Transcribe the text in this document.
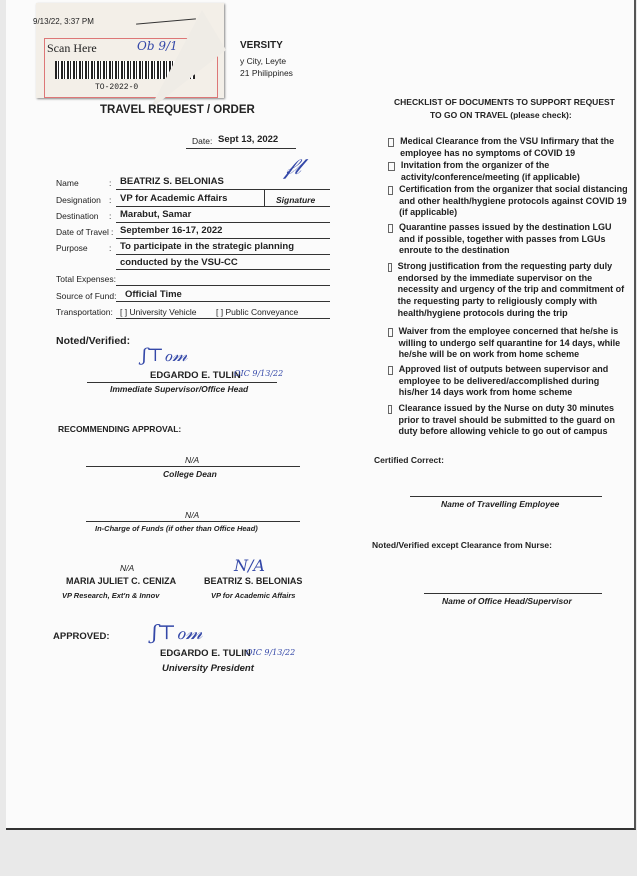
9/13/22, 3:37 PM
Scan Here	Ob 9/1
TO-2022-0
VERSITY
y City, Leyte
21 Philippines
TRAVEL REQUEST / ORDER
Date: Sept 13, 2022
𝒻𝓁
Name	: BEATRIZ S. BELONIAS
Designation : VP for Academic Affairs	Signature
Destination : Marabut, Samar
Date of Travel : September 16-17, 2022
Purpose	: To participate in the strategic planning
conducted by the VSU-CC
Total Expenses:
Source of Fund: Official Time
Transportation: [ ] University Vehicle [ ] Public Conveyance
Noted/Verified:
ʃ⊤ℴ𝓂
EDGARDO E. TULIN
OIC 9/13/22
Immediate Supervisor/Office Head
RECOMMENDING APPROVAL:
N/A
College Dean
N/A
In-Charge of Funds (if other than Office Head)
N/A
MARIA JULIET C. CENIZA
VP Research, Ext'n & Innov
N/A
BEATRIZ S. BELONIAS
VP for Academic Affairs
APPROVED: ʃ⊤ℴ𝓂
EDGARDO E. TULIN
OIC 9/13/22
University President
CHECKLIST OF DOCUMENTS TO SUPPORT REQUEST
TO GO ON TRAVEL (please check):
Medical Clearance from the VSU Infirmary that the employee has no symptoms of COVID 19
Invitation from the organizer of the activity/conference/meeting (if applicable)
Certification from the organizer that social distancing and other health/hygiene protocols against COVID 19 (if applicable)
Quarantine passes issued by the destination LGU and if possible, together with passes from LGUs enroute to the destination
Strong justification from the requesting party duly endorsed by the immediate supervisor on the necessity and urgency of the trip and commitment of the requesting party to religiously comply with health/hygiene protocols during the trip
Waiver from the employee concerned that he/she is willing to undergo self quarantine for 14 days, while he/she will be on work from home scheme
Approved list of outputs between supervisor and employee to be delivered/accomplished during his/her 14 days work from home scheme
Clearance issued by the Nurse on duty 30 minutes prior to travel should be submitted to the guard on duty before allowing vehicle to go out of campus
Certified Correct:
Name of Travelling Employee
Noted/Verified except Clearance from Nurse:
Name of Office Head/Supervisor
